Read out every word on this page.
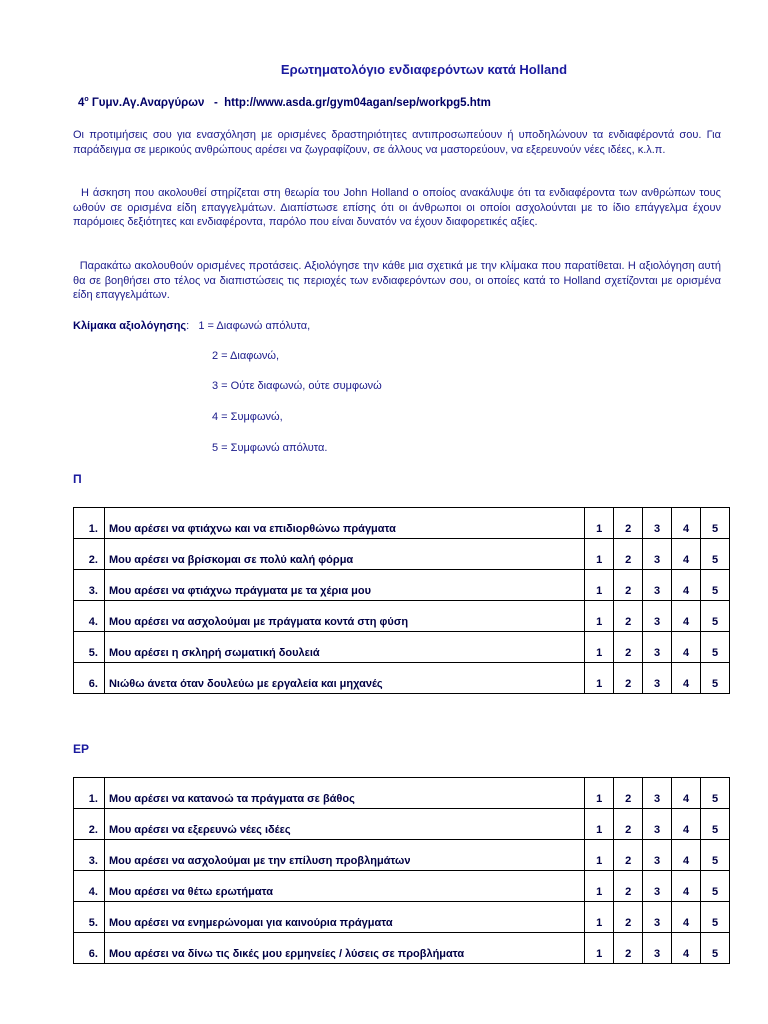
Ερωτηματολόγιο ενδιαφερόντων κατά Holland
$4^o$ Γυμν.Αγ.Αναργύρων   -  http://www.asda.gr/gym04agan/sep/workpg5.htm
Οι προτιμήσεις σου για ενασχόληση με ορισμένες δραστηριότητες αντιπροσωπεύουν ή υποδηλώνουν τα ενδιαφέροντά σου. Για παράδειγμα σε μερικούς ανθρώπους αρέσει να ζωγραφίζουν, σε άλλους να μαστορεύουν, να εξερευνούν νέες ιδέες, κ.λ.π.
Η άσκηση που ακολουθεί στηρίζεται στη θεωρία του John Holland ο οποίος ανακάλυψε ότι τα ενδιαφέροντα των ανθρώπων τους ωθούν σε ορισμένα είδη επαγγελμάτων. Διαπίστωσε επίσης ότι οι άνθρωποι οι οποίοι ασχολούνται με το ίδιο επάγγελμα έχουν παρόμοιες δεξιότητες και ενδιαφέροντα, παρόλο που είναι δυνατόν να έχουν διαφορετικές αξίες.
Παρακάτω ακολουθούν ορισμένες προτάσεις. Αξιολόγησε την κάθε μια σχετικά με την κλίμακα που παρατίθεται. Η αξιολόγηση αυτή θα σε βοηθήσει στο τέλος να διαπιστώσεις τις περιοχές των ενδιαφερόντων σου, οι οποίες κατά το Holland σχετίζονται με ορισμένα είδη επαγγελμάτων.
Κλίμακα αξιολόγησης:   1 = Διαφωνώ απόλυτα,
2 = Διαφωνώ,
3 = Ούτε διαφωνώ, ούτε συμφωνώ
4 = Συμφωνώ,
5 = Συμφωνώ απόλυτα.
Π
1.	Μου αρέσει να φτιάχνω και να επιδιορθώνω πράγματα	1	2	3	4	5
2.	Μου αρέσει να βρίσκομαι σε πολύ καλή φόρμα	1	2	3	4	5
3.	Μου αρέσει να φτιάχνω πράγματα με τα χέρια μου	1	2	3	4	5
4.	Μου αρέσει να ασχολούμαι με πράγματα κοντά στη φύση	1	2	3	4	5
5.	Μου αρέσει η σκληρή σωματική δουλειά	1	2	3	4	5
6.	Νιώθω άνετα όταν δουλεύω με εργαλεία και μηχανές	1	2	3	4	5
ΕΡ
1.	Μου αρέσει να κατανοώ τα πράγματα σε βάθος	1	2	3	4	5
2.	Μου αρέσει να εξερευνώ νέες ιδέες	1	2	3	4	5
3.	Μου αρέσει να ασχολούμαι με την επίλυση προβλημάτων	1	2	3	4	5
4.	Μου αρέσει να θέτω ερωτήματα	1	2	3	4	5
5.	Μου αρέσει να ενημερώνομαι για καινούρια πράγματα	1	2	3	4	5
6.	Μου αρέσει να δίνω τις δικές μου ερμηνείες / λύσεις σε προβλήματα	1	2	3	4	5
